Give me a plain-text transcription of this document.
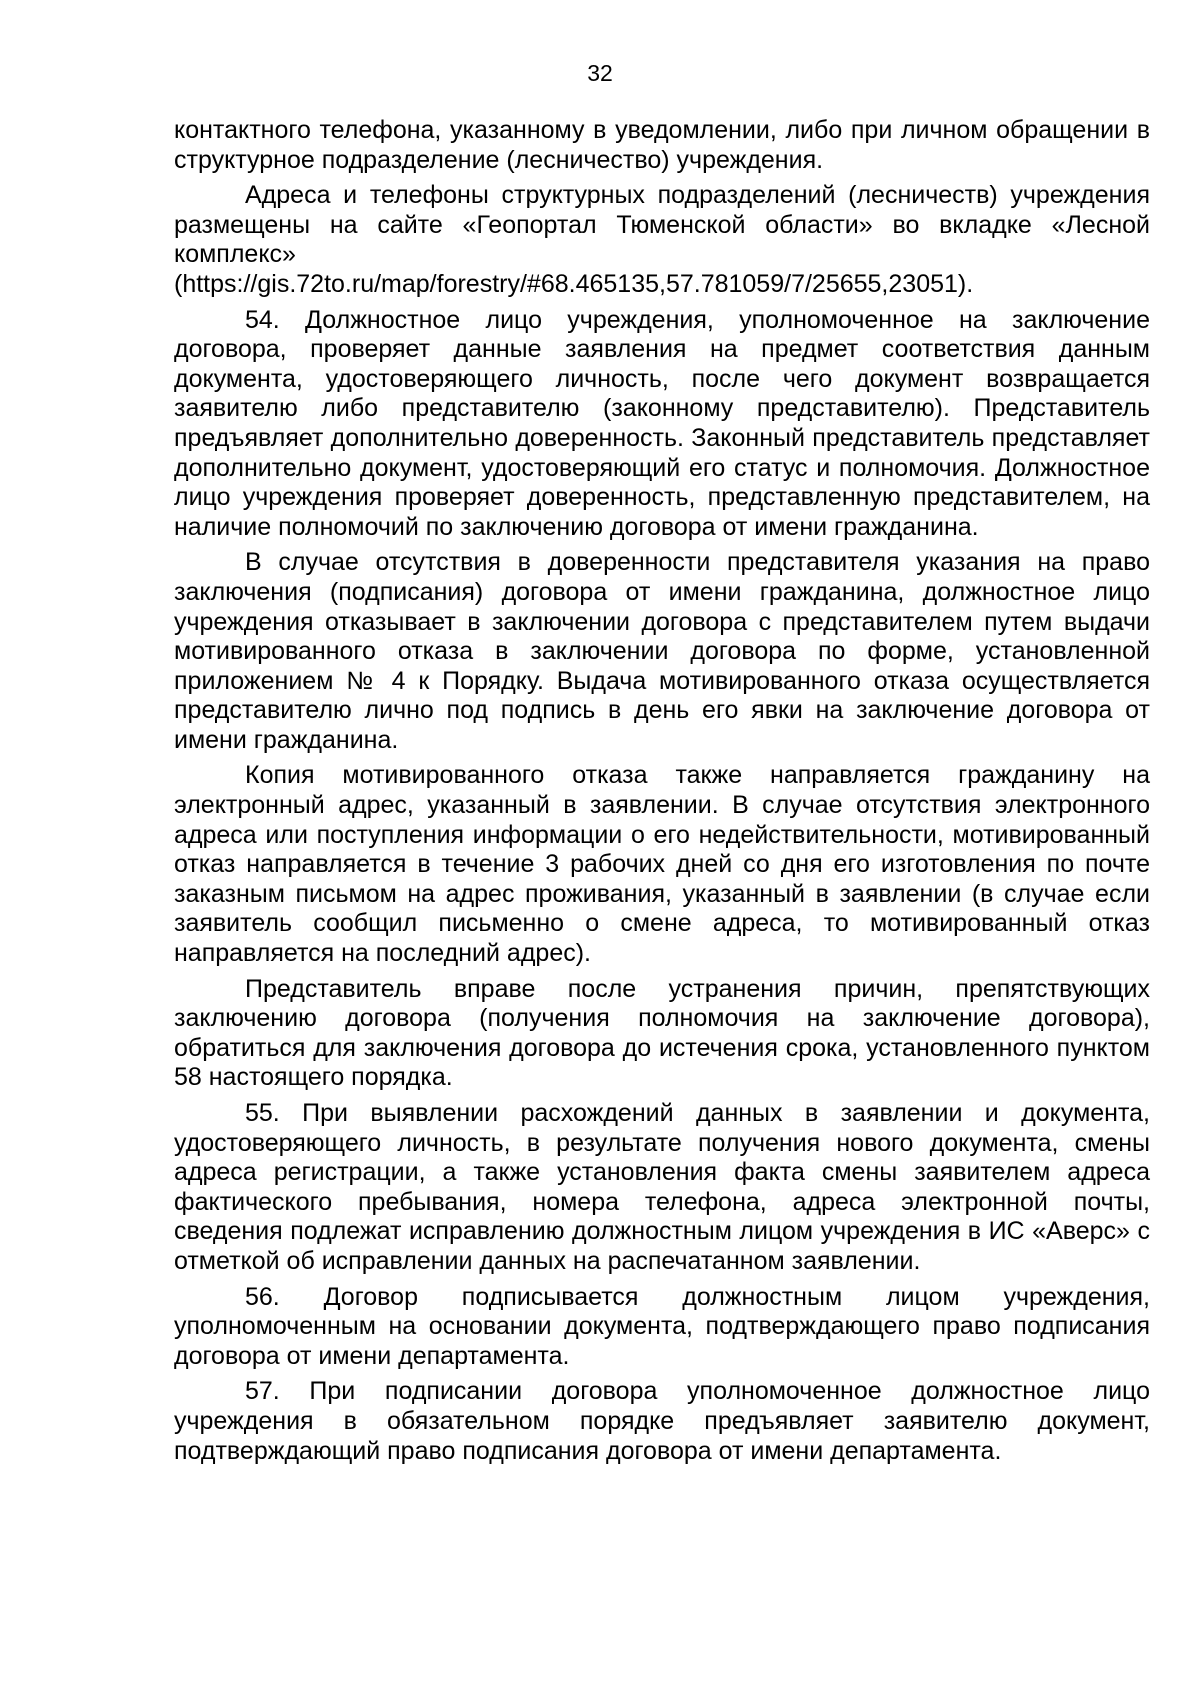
32

контактного телефона, указанному в уведомлении, либо при личном обращении в структурное подразделение (лесничество) учреждения.

Адреса и телефоны структурных подразделений (лесничеств) учреждения размещены на сайте «Геопортал Тюменской области» во вкладке «Лесной комплекс»

(https://gis.72to.ru/map/forestry/#68.465135,57.781059/7/25655,23051).

54. Должностное лицо учреждения, уполномоченное на заключение договора, проверяет данные заявления на предмет соответствия данным документа, удостоверяющего личность, после чего документ возвращается заявителю либо представителю (законному представителю). Представитель предъявляет дополнительно доверенность. Законный представитель представляет дополнительно документ, удостоверяющий его статус и полномочия. Должностное лицо учреждения проверяет доверенность, представленную представителем, на наличие полномочий по заключению договора от имени гражданина.

В случае отсутствия в доверенности представителя указания на право заключения (подписания) договора от имени гражданина, должностное лицо учреждения отказывает в заключении договора с представителем путем выдачи мотивированного отказа в заключении договора по форме, установленной приложением № 4 к Порядку. Выдача мотивированного отказа осуществляется представителю лично под подпись в день его явки на заключение договора от имени гражданина.

Копия мотивированного отказа также направляется гражданину на электронный адрес, указанный в заявлении. В случае отсутствия электронного адреса или поступления информации о его недействительности, мотивированный отказ направляется в течение 3 рабочих дней со дня его изготовления по почте заказным письмом на адрес проживания, указанный в заявлении (в случае если заявитель сообщил письменно о смене адреса, то мотивированный отказ направляется на последний адрес).

Представитель вправе после устранения причин, препятствующих заключению договора (получения полномочия на заключение договора), обратиться для заключения договора до истечения срока, установленного пунктом 58 настоящего порядка.

55. При выявлении расхождений данных в заявлении и документа, удостоверяющего личность, в результате получения нового документа, смены адреса регистрации, а также установления факта смены заявителем адреса фактического пребывания, номера телефона, адреса электронной почты, сведения подлежат исправлению должностным лицом учреждения в ИС «Аверс» с отметкой об исправлении данных на распечатанном заявлении.

56. Договор подписывается должностным лицом учреждения, уполномоченным на основании документа, подтверждающего право подписания договора от имени департамента.

57. При подписании договора уполномоченное должностное лицо учреждения в обязательном порядке предъявляет заявителю документ, подтверждающий право подписания договора от имени департамента.
